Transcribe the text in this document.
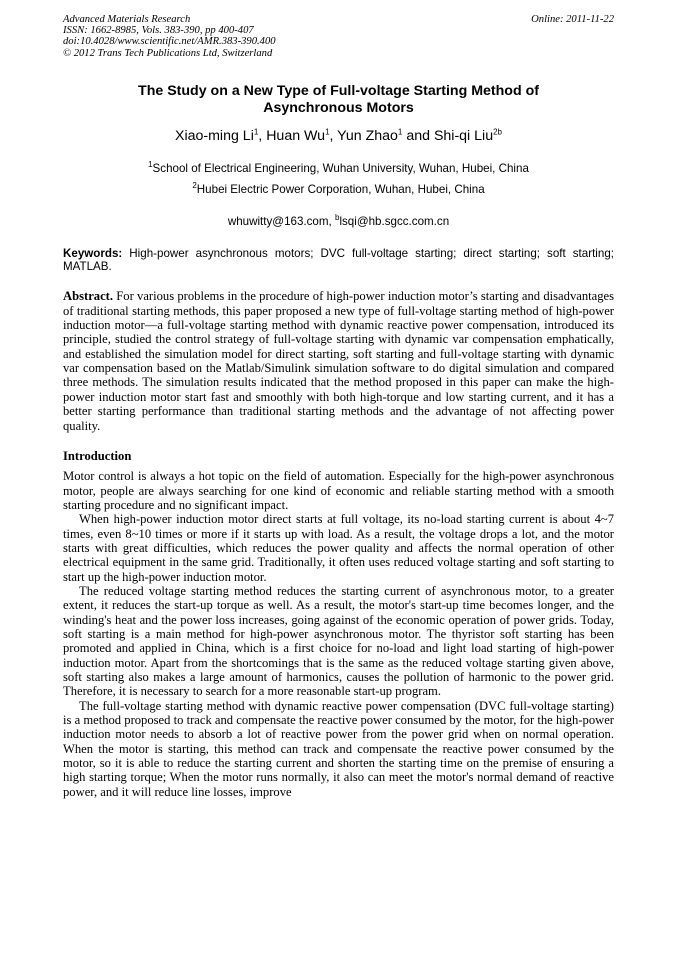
Advanced Materials Research
ISSN: 1662-8985, Vols. 383-390, pp 400-407
doi:10.4028/www.scientific.net/AMR.383-390.400
© 2012 Trans Tech Publications Ltd, Switzerland
Online: 2011-11-22
The Study on a New Type of Full-voltage Starting Method of Asynchronous Motors
Xiao-ming Li$^1$, Huan Wu$^1$, Yun Zhao$^1$ and Shi-qi Liu$^{2b}$
$^1$School of Electrical Engineering, Wuhan University, Wuhan, Hubei, China
$^2$Hubei Electric Power Corporation, Wuhan, Hubei, China
whuwitty@163.com, $^b$lsqi@hb.sgcc.com.cn
Keywords: High-power asynchronous motors; DVC full-voltage starting; direct starting; soft starting; MATLAB.
Abstract. For various problems in the procedure of high-power induction motor’s starting and disadvantages of traditional starting methods, this paper proposed a new type of full-voltage starting method of high-power induction motor—a full-voltage starting method with dynamic reactive power compensation, introduced its principle, studied the control strategy of full-voltage starting with dynamic var compensation emphatically, and established the simulation model for direct starting, soft starting and full-voltage starting with dynamic var compensation based on the Matlab/Simulink simulation software to do digital simulation and compared three methods. The simulation results indicated that the method proposed in this paper can make the high-power induction motor start fast and smoothly with both high-torque and low starting current, and it has a better starting performance than traditional starting methods and the advantage of not affecting power quality.
Introduction

Motor control is always a hot topic on the field of automation. Especially for the high-power asynchronous motor, people are always searching for one kind of economic and reliable starting method with a smooth starting procedure and no significant impact.

When high-power induction motor direct starts at full voltage, its no-load starting current is about 4~7 times, even 8~10 times or more if it starts up with load. As a result, the voltage drops a lot, and the motor starts with great difficulties, which reduces the power quality and affects the normal operation of other electrical equipment in the same grid. Traditionally, it often uses reduced voltage starting and soft starting to start up the high-power induction motor.

The reduced voltage starting method reduces the starting current of asynchronous motor, to a greater extent, it reduces the start-up torque as well. As a result, the motor's start-up time becomes longer, and the winding's heat and the power loss increases, going against of the economic operation of power grids. Today, soft starting is a main method for high-power asynchronous motor. The thyristor soft starting has been promoted and applied in China, which is a first choice for no-load and light load starting of high-power induction motor. Apart from the shortcomings that is the same as the reduced voltage starting given above, soft starting also makes a large amount of harmonics, causes the pollution of harmonic to the power grid. Therefore, it is necessary to search for a more reasonable start-up program.

The full-voltage starting method with dynamic reactive power compensation (DVC full-voltage starting) is a method proposed to track and compensate the reactive power consumed by the motor, for the high-power induction motor needs to absorb a lot of reactive power from the power grid when on normal operation. When the motor is starting, this method can track and compensate the reactive power consumed by the motor, so it is able to reduce the starting current and shorten the starting time on the premise of ensuring a high starting torque; When the motor runs normally, it also can meet the motor's normal demand of reactive power, and it will reduce line losses, improve
